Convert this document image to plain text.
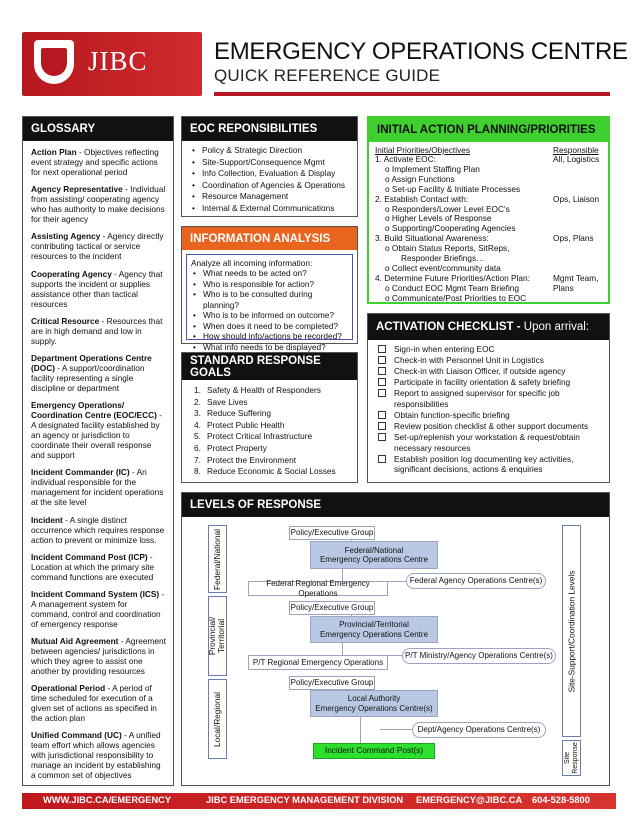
JIBC	EMERGENCY OPERATIONS CENTRE
QUICK REFERENCE GUIDE
GLOSSARY
Action Plan - Objectives reflecting event strategy and specific actions for next operational period
Agency Representative - Individual from assisting/ cooperating agency who has authority to make decisions for their agency
Assisting Agency - Agency directly contributing tactical or service resources to the incident
Cooperating Agency - Agency that supports the incident or supplies assistance other than tactical resources
Critical Resource - Resources that are in high demand and low in supply.
Department Operations Centre (DOC) - A support/coordination facility representing a single discipline or department
Emergency Operations/ Coordination Centre (EOC/ECC) - A designated facility established by an agency or jurisdiction to coordinate their overall response and support
Incident Commander (IC) - An individual responsible for the management for incident operations at the site level
Incident - A single distinct occurrence which requires response action to prevent or minimize loss.
Incident Command Post (ICP) - Location at which the primary site command functions are executed
Incident Command System (ICS) - A management system for command, control and coordination of emergency response
Mutual Aid Agreement - Agreement between agencies/ jurisdictions in which they agree to assist one another by providing resources
Operational Period - A period of time scheduled for execution of a given set of actions as specified in the action plan
Unified Command (UC) - A unified team effort which allows agencies with jurisdictional responsibility to manage an incident by establishing a common set of objectives
EOC REPONSIBILITIES
• Policy & Strategic Direction
• Site-Support/Consequence Mgmt
• Info Collection, Evaluation & Display
• Coordination of Agencies & Operations
• Resource Management
• Internal & External Communications
INFORMATION ANALYSIS
Analyze all incoming information:
• What needs to be acted on?
• Who is responsible for action?
• Who is to be consulted during planning?
• Who is to be informed on outcome?
• When does it need to be completed?
• How should info/actions be recorded?
• What info needs to be displayed?
STANDARD RESPONSE GOALS
1. Safety & Health of Responders
2. Save Lives
3. Reduce Suffering
4. Protect Public Health
5. Protect Critical Infrastructure
6. Protect Property
7. Protect the Environment
8. Reduce Economic & Social Losses
INITIAL ACTION PLANNING/PRIORITIES
Initial Priorities/Objectives
1. Activate EOC:
o Implement Staffing Plan
o Assign Functions
o Set-up Facility & Initiate Processes
2. Establish Contact with:
o Responders/Lower Level EOC's
o Higher Levels of Response
o Supporting/Cooperating Agencies
3. Build Situational Awareness:
o Obtain Status Reports, SitReps,
Responder Briefings…
o Collect event/community data
4. Determine Future Priorities/Action Plan:
o Conduct EOC Mgmt Team Briefing
o Communicate/Post Priorities to EOC
Responsible
All, Logistics
Ops, Liaison
Ops, Plans
Mgmt Team,
Plans
ACTIVATION CHECKLIST -
Upon arrival:
Sign-in when entering EOC
Check-in with Personnel Unit in Logistics
Check-in with Liaison Officer, if outside agency
Participate in facility orientation & safety briefing
Report to assigned supervisor for specific job responsibilities
Obtain function-specific briefing
Review position checklist & other support documents
Set-up/replenish your workstation & request/obtain necessary resources
Establish position log documenting key activities, significant decisions, actions & enquiries
LEVELS OF RESPONSE
Federal/National
Provincial/
Territorial
Local/Regional
Site-Support/Coordination Levels
Site
Response
Policy/Executive Group
Federal/National
Emergency Operations Centre
Federal Agency Operations Centre(s)
Federal Regional Emergency Operations
Policy/Executive Group
Provincial/Territorial
Emergency Operations Centre
P/T Ministry/Agency Operations Centre(s)
P/T Regional Emergency Operations
Policy/Executive Group
Local Authority
Emergency Operations Centre(s)
Dept/Agency Operations Centre(s)
Incident Command Post(s)
WWW.JIBC.CA/EMERGENCY	JIBC EMERGENCY MANAGEMENT DIVISION EMERGENCY@JIBC.CA 604-528-5800
